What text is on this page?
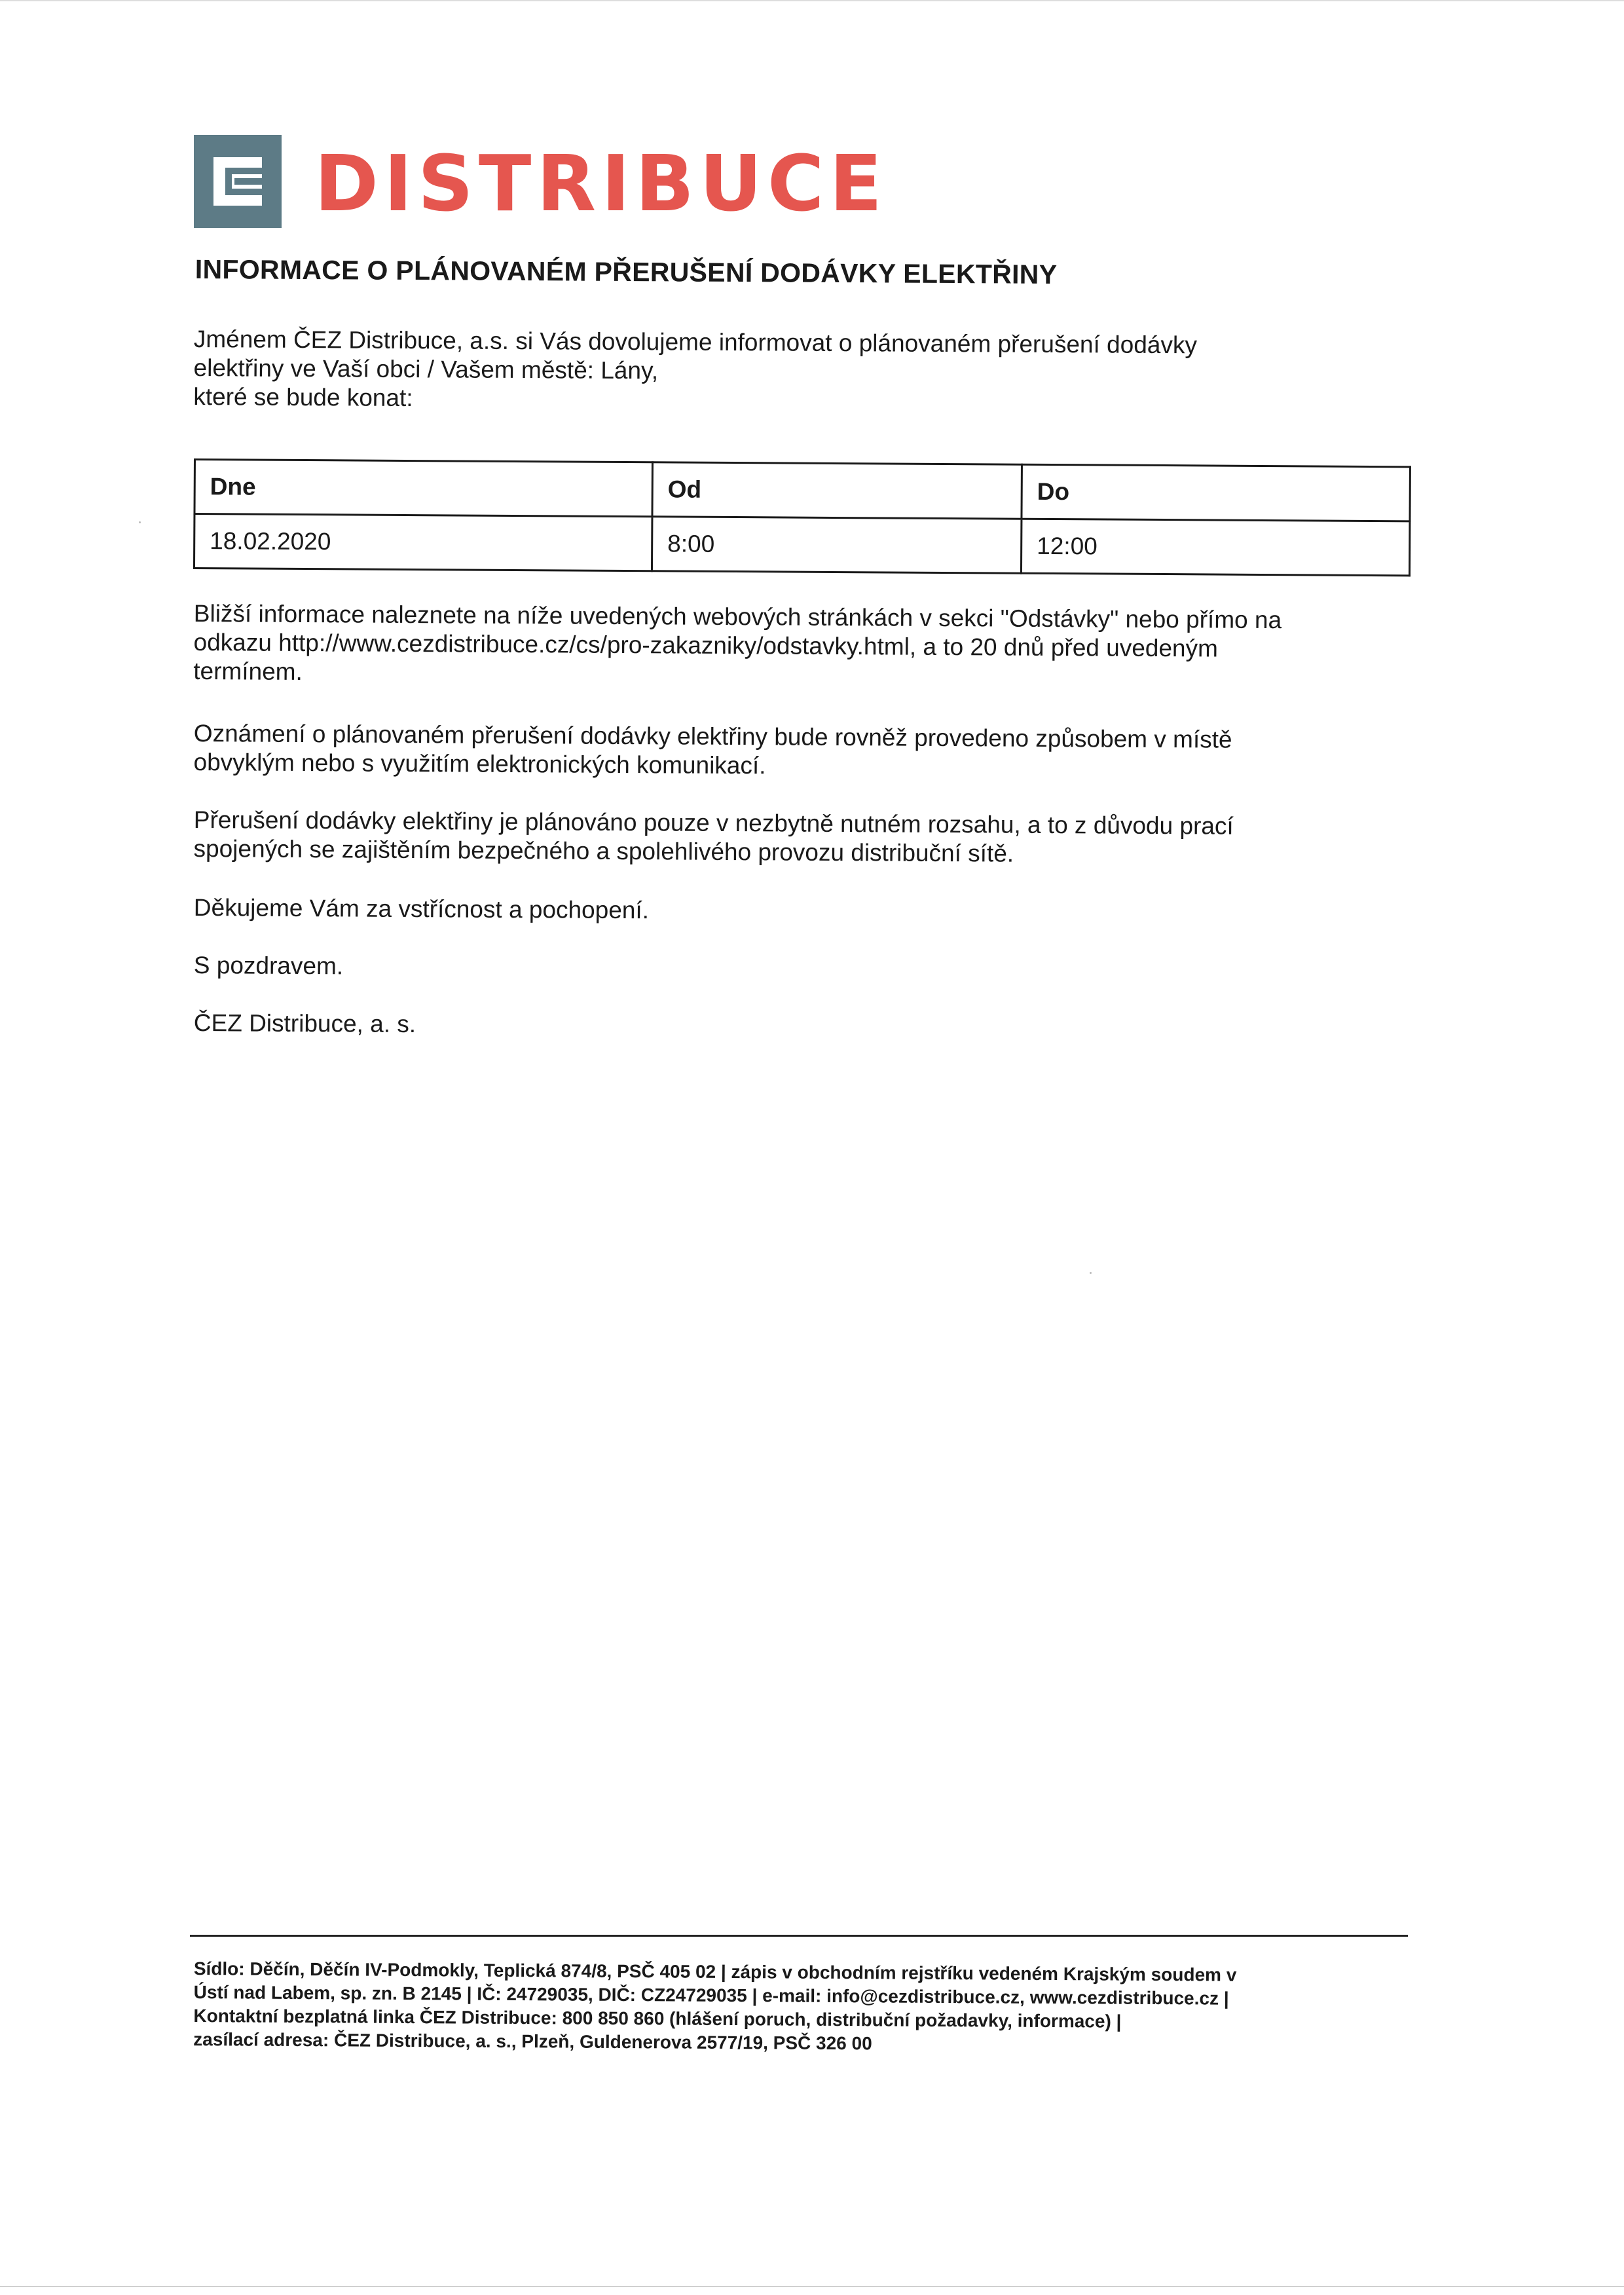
DISTRIBUCE
INFORMACE O PLÁNOVANÉM PŘERUŠENÍ DODÁVKY ELEKTŘINY

Jménem ČEZ Distribuce, a.s. si Vás dovolujeme informovat o plánovaném přerušení dodávky
elektřiny ve Vaší obci / Vašem městě: Lány,
které se bude konat:

Dne	Od	Do
18.02.2020	8:00	12:00

Bližší informace naleznete na níže uvedených webových stránkách v sekci "Odstávky" nebo přímo na
odkazu http://www.cezdistribuce.cz/cs/pro-zakazniky/odstavky.html, a to 20 dnů před uvedeným
termínem.

Oznámení o plánovaném přerušení dodávky elektřiny bude rovněž provedeno způsobem v místě
obvyklým nebo s využitím elektronických komunikací.

Přerušení dodávky elektřiny je plánováno pouze v nezbytně nutném rozsahu, a to z důvodu prací
spojených se zajištěním bezpečného a spolehlivého provozu distribuční sítě.

Děkujeme Vám za vstřícnost a pochopení.

S pozdravem.

ČEZ Distribuce, a. s.

Sídlo: Děčín, Děčín IV-Podmokly, Teplická 874/8, PSČ 405 02 | zápis v obchodním rejstříku vedeném Krajským soudem v
Ústí nad Labem, sp. zn. B 2145 | IČ: 24729035, DIČ: CZ24729035 | e-mail: info@cezdistribuce.cz, www.cezdistribuce.cz |
Kontaktní bezplatná linka ČEZ Distribuce: 800 850 860 (hlášení poruch, distribuční požadavky, informace) |
zasílací adresa: ČEZ Distribuce, a. s., Plzeň, Guldenerova 2577/19, PSČ 326 00
